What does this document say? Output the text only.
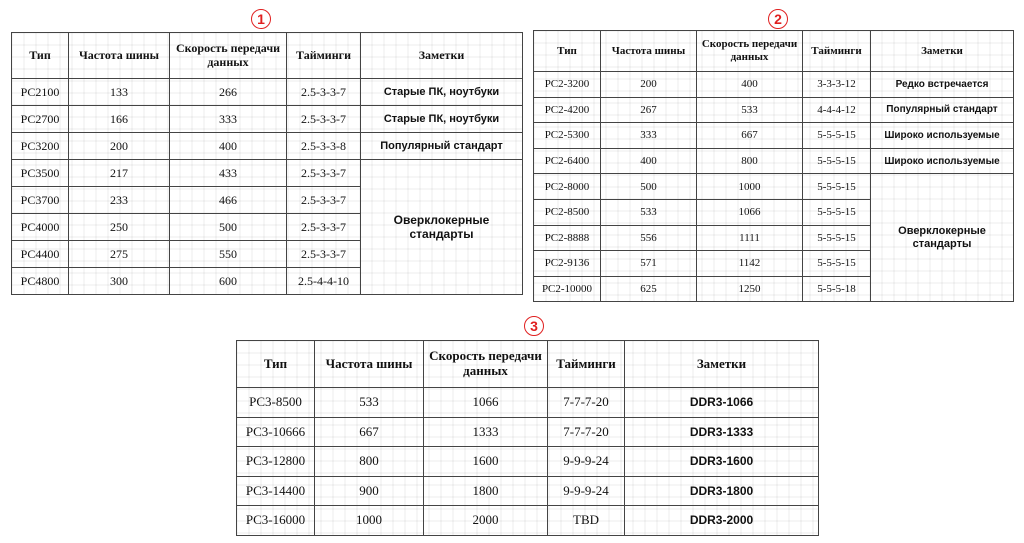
1	2
3
Тип	Частота шины	Скорость передачи данных	Тайминги	Заметки
PC2100	133	266	2.5-3-3-7	Старые ПК, ноутбуки
PC2700	166	333	2.5-3-3-7	Старые ПК, ноутбуки
PC3200	200	400	2.5-3-3-8	Популярный стандарт
PC3500	217	433	2.5-3-3-7	Оверклокерные стандарты
PC3700	233	466	2.5-3-3-7	
PC4000	250	500	2.5-3-3-7	
PC4400	275	550	2.5-3-3-7	
PC4800	300	600	2.5-4-4-10	
Тип	Частота шины	Скорость передачи данных	Тайминги	Заметки
PC2-3200	200	400	3-3-3-12	Редко встречается
PC2-4200	267	533	4-4-4-12	Популярный стандарт
PC2-5300	333	667	5-5-5-15	Широко используемые
PC2-6400	400	800	5-5-5-15	Широко используемые
PC2-8000	500	1000	5-5-5-15	Оверклокерные стандарты
PC2-8500	533	1066	5-5-5-15	
PC2-8888	556	1111	5-5-5-15	
PC2-9136	571	1142	5-5-5-15	
PC2-10000	625	1250	5-5-5-18	
Тип	Частота шины	Скорость передачи данных	Тайминги	Заметки
PC3-8500	533	1066	7-7-7-20	DDR3-1066
PC3-10666	667	1333	7-7-7-20	DDR3-1333
PC3-12800	800	1600	9-9-9-24	DDR3-1600
PC3-14400	900	1800	9-9-9-24	DDR3-1800
PC3-16000	1000	2000	TBD	DDR3-2000
